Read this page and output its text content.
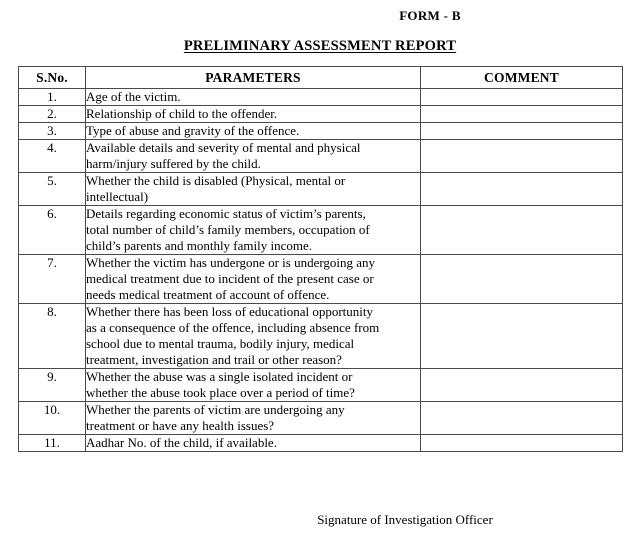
FORM - B
PRELIMINARY ASSESSMENT REPORT
S.No.	PARAMETERS	COMMENT
1.	Age of the victim.	

2.	Relationship of child to the offender.	

3.	Type of abuse and gravity of the offence.	

4.	Available details and severity of mental and physical
harm/injury suffered by the child.	

5.	Whether the child is disabled (Physical, mental or
intellectual)	

6.	Details regarding economic status of victim’s parents,
total number of child’s family members, occupation of
child’s parents and monthly family income.	

7.	Whether the victim has undergone or is undergoing any
medical treatment due to incident of the present case or
needs medical treatment of account of offence.	

8.	Whether there has been loss of educational opportunity
as a consequence of the offence, including absence from
school due to mental trauma, bodily injury, medical
treatment, investigation and trail or other reason?	

9.	Whether the abuse was a single isolated incident or
whether the abuse took place over a period of time?	

10.	Whether the parents of victim are undergoing any
treatment or have any health issues?	

11.	Aadhar No. of the child, if available.	

Signature of Investigation Officer
